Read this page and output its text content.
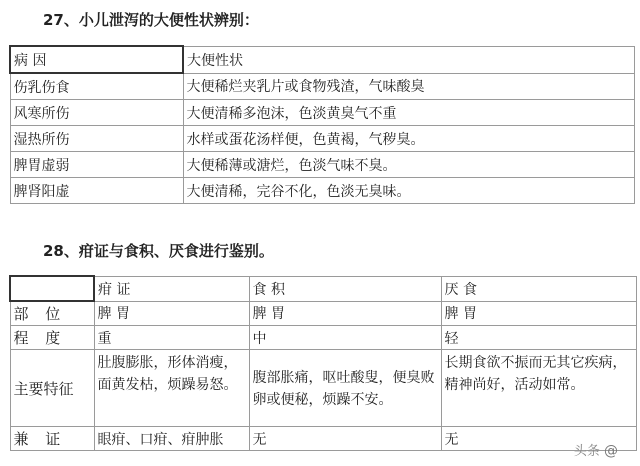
27、小儿泄泻的大便性状辨别：
病 因	大便性状
伤乳伤食	大便稀烂夹乳片或食物残渣，气味酸臭
风寒所伤	大便清稀多泡沫，色淡黄臭气不重
湿热所伤	水样或蛋花汤样便，色黄褐，气秽臭。
脾胃虚弱	大便稀薄或溏烂，色淡气味不臭。
脾肾阳虚	大便清稀，完谷不化，色淡无臭味。
28、疳证与食积、厌食进行鉴别。
	疳 证	食 积	厌 食
部 位	脾 胃	脾 胃	脾 胃
程 度	重	中	轻
主要特征	肚腹膨胀，形体消瘦，面黄发枯，烦躁易怒。	腹部胀痛，呕吐酸叟，便臭败卵或便秘，烦躁不安。	长期食欲不振而无其它疾病，精神尚好，活动如常。
兼 证	眼疳、口疳、疳肿胀	无	无
头条 @
